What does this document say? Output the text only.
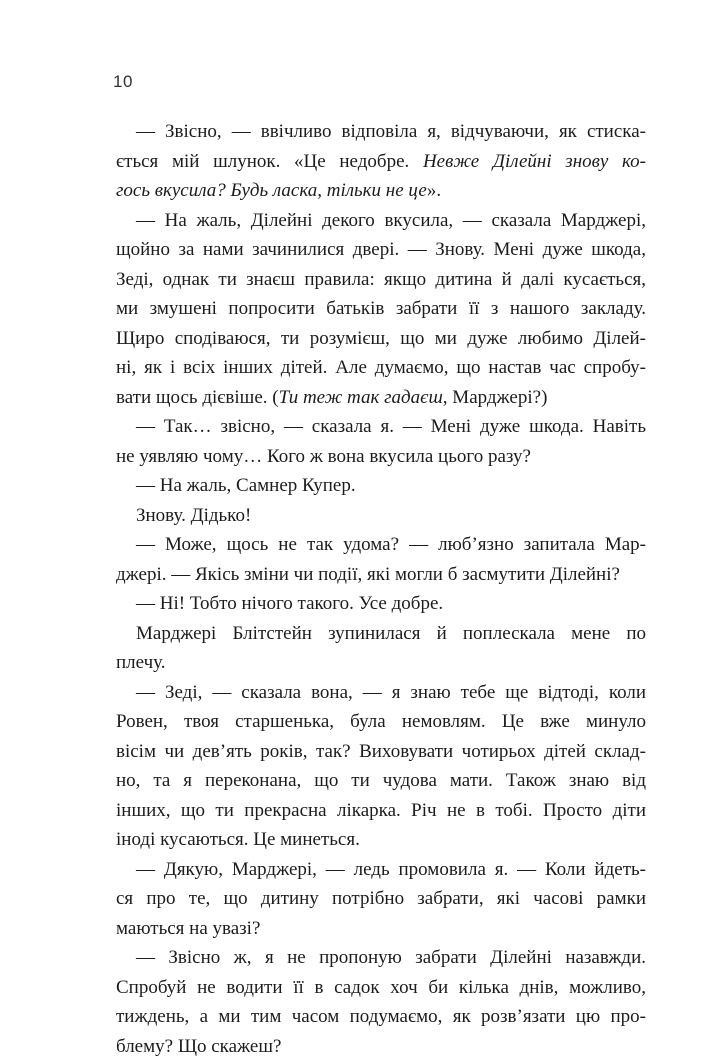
10
— Звісно, — ввічливо відповіла я, відчуваючи, як стиска-
ється мій шлунок. «Це недобре. Невже Ділейні знову ко-
гось вкусила? Будь ласка, тільки не це».
— На жаль, Ділейні декого вкусила, — сказала Марджері,
щойно за нами зачинилися двері. — Знову. Мені дуже шкода,
Зеді, однак ти знаєш правила: якщо дитина й далі кусається,
ми змушені попросити батьків забрати її з нашого закладу.
Щиро сподіваюся, ти розумієш, що ми дуже любимо Ділей-
ні, як і всіх інших дітей. Але думаємо, що настав час спробу-
вати щось дієвіше. (Ти теж так гадаєш, Марджері?)
— Так… звісно, — сказала я. — Мені дуже шкода. Навіть
не уявляю чому… Кого ж вона вкусила цього разу?
— На жаль, Самнер Купер.
Знову. Дідько!
— Може, щось не так удома? — люб’язно запитала Мар-
джері. — Якісь зміни чи події, які могли б засмутити Ділейні?
— Ні! Тобто нічого такого. Усе добре.
Марджері Блітстейн зупинилася й поплескала мене по
плечу.
— Зеді, — сказала вона, — я знаю тебе ще відтоді, коли
Ровен, твоя старшенька, була немовлям. Це вже минуло
вісім чи дев’ять років, так? Виховувати чотирьох дітей склад-
но, та я переконана, що ти чудова мати. Також знаю від
інших, що ти прекрасна лікарка. Річ не в тобі. Просто діти
іноді кусаються. Це минеться.
— Дякую, Марджері, — ледь промовила я. — Коли йдеть-
ся про те, що дитину потрібно забрати, які часові рамки
маються на увазі?
— Звісно ж, я не пропоную забрати Ділейні назавжди.
Спробуй не водити її в садок хоч би кілька днів, можливо,
тиждень, а ми тим часом подумаємо, як розв’язати цю про-
блему? Що скажеш?
